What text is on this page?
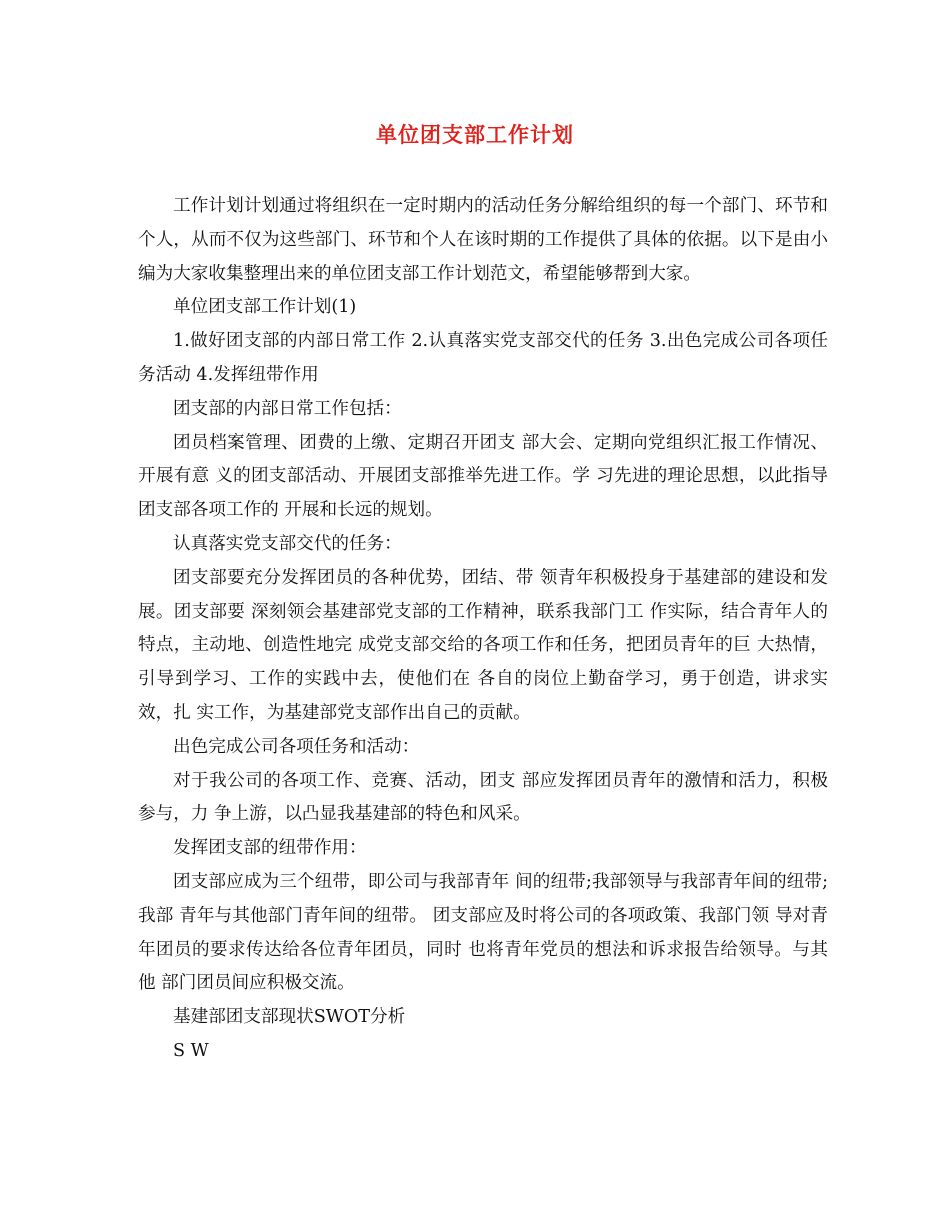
单位团支部工作计划

工作计划计划通过将组织在一定时期内的活动任务分解给组织的每一个部门、环节和个人，从而不仅为这些部门、环节和个人在该时期的工作提供了具体的依据。以下是由小编为大家收集整理出来的单位团支部工作计划范文，希望能够帮到大家。

单位团支部工作计划(1)

1.做好团支部的内部日常工作 2.认真落实党支部交代的任务 3.出色完成公司各项任务活动 4.发挥纽带作用

团支部的内部日常工作包括：

团员档案管理、团费的上缴、定期召开团支 部大会、定期向党组织汇报工作情况、开展有意 义的团支部活动、开展团支部推举先进工作。学 习先进的理论思想，以此指导团支部各项工作的 开展和长远的规划。

认真落实党支部交代的任务：

团支部要充分发挥团员的各种优势，团结、带 领青年积极投身于基建部的建设和发展。团支部要 深刻领会基建部党支部的工作精神，联系我部门工 作实际，结合青年人的特点，主动地、创造性地完 成党支部交给的各项工作和任务，把团员青年的巨 大热情，引导到学习、工作的实践中去，使他们在 各自的岗位上勤奋学习，勇于创造，讲求实效，扎 实工作，为基建部党支部作出自己的贡献。

出色完成公司各项任务和活动：

对于我公司的各项工作、竞赛、活动，团支 部应发挥团员青年的激情和活力，积极参与，力 争上游，以凸显我基建部的特色和风采。

发挥团支部的纽带作用：

团支部应成为三个纽带，即公司与我部青年 间的纽带;我部领导与我部青年间的纽带;我部 青年与其他部门青年间的纽带。 团支部应及时将公司的各项政策、我部门领 导对青年团员的要求传达给各位青年团员，同时 也将青年党员的想法和诉求报告给领导。与其他 部门团员间应积极交流。

基建部团支部现状SWOT分析

S W
